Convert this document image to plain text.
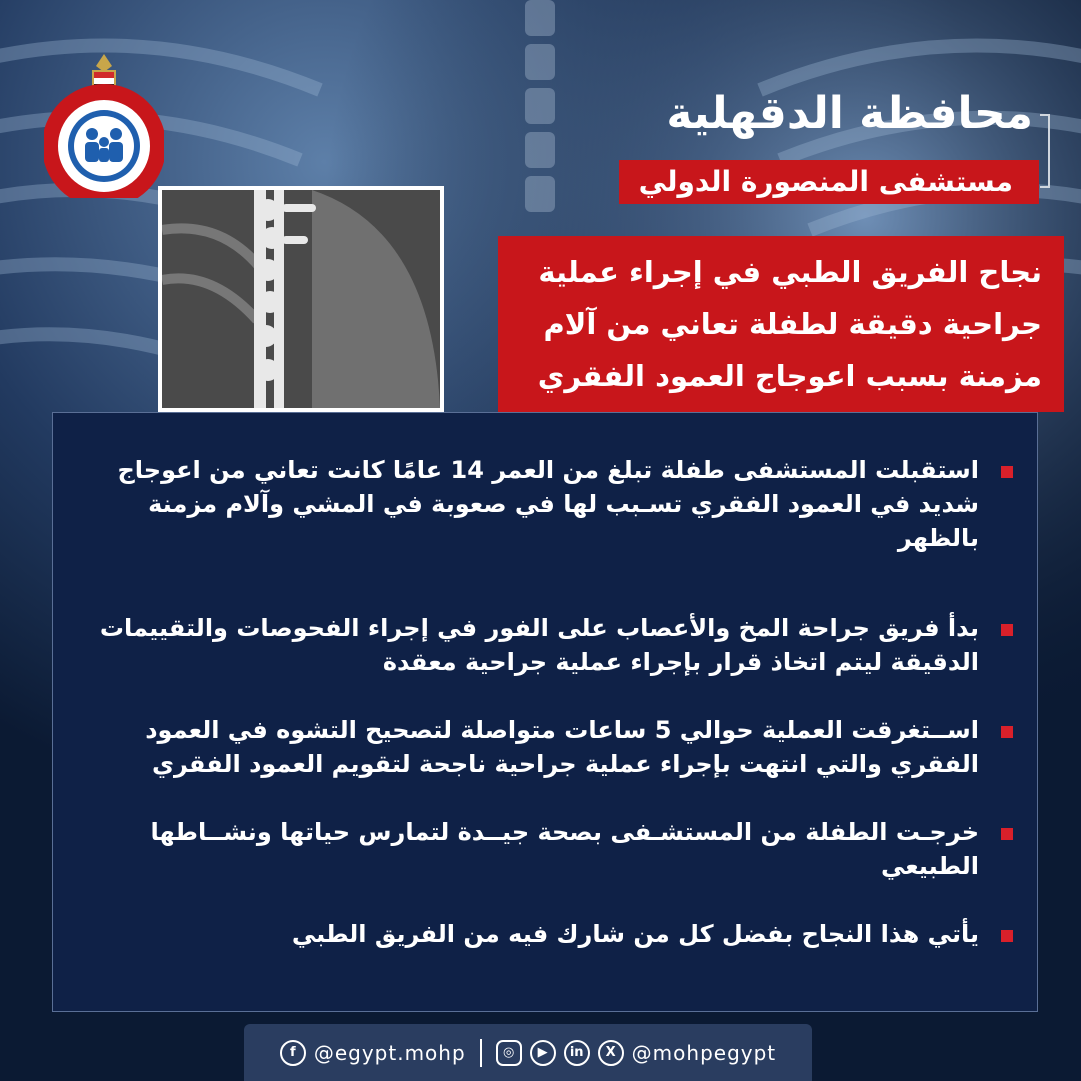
محافظة الدقهلية
مستشفى المنصورة الدولي
نجاح الفريق الطبي في إجراء عملية
جراحية دقيقة لطفلة تعاني من آلام
مزمنة بسبب اعوجاج العمود الفقري
استقبلت المستشفى طفلة تبلغ من العمر 14 عامًا كانت تعاني من اعوجاج
شديد في العمود الفقري تسـبب لها في صعوبة في المشي وآلام مزمنة
بالظهر
بدأ فريق جراحة المخ والأعصاب على الفور في إجراء الفحوصات والتقييمات
الدقيقة ليتم اتخاذ قرار بإجراء عملية جراحية معقدة
اســتغرقت العملية حوالي 5 ساعات متواصلة لتصحيح التشوه في العمود
الفقري والتي انتهت بإجراء عملية جراحية ناجحة لتقويم العمود الفقري
خرجـت الطفلة من المستشـفى بصحة جيــدة لتمارس حياتها ونشــاطها
الطبيعي
يأتي هذا النجاح بفضل كل من شارك فيه من الفريق الطبي
f @egypt.mohp	◎	▶	in	X @mohpegypt
